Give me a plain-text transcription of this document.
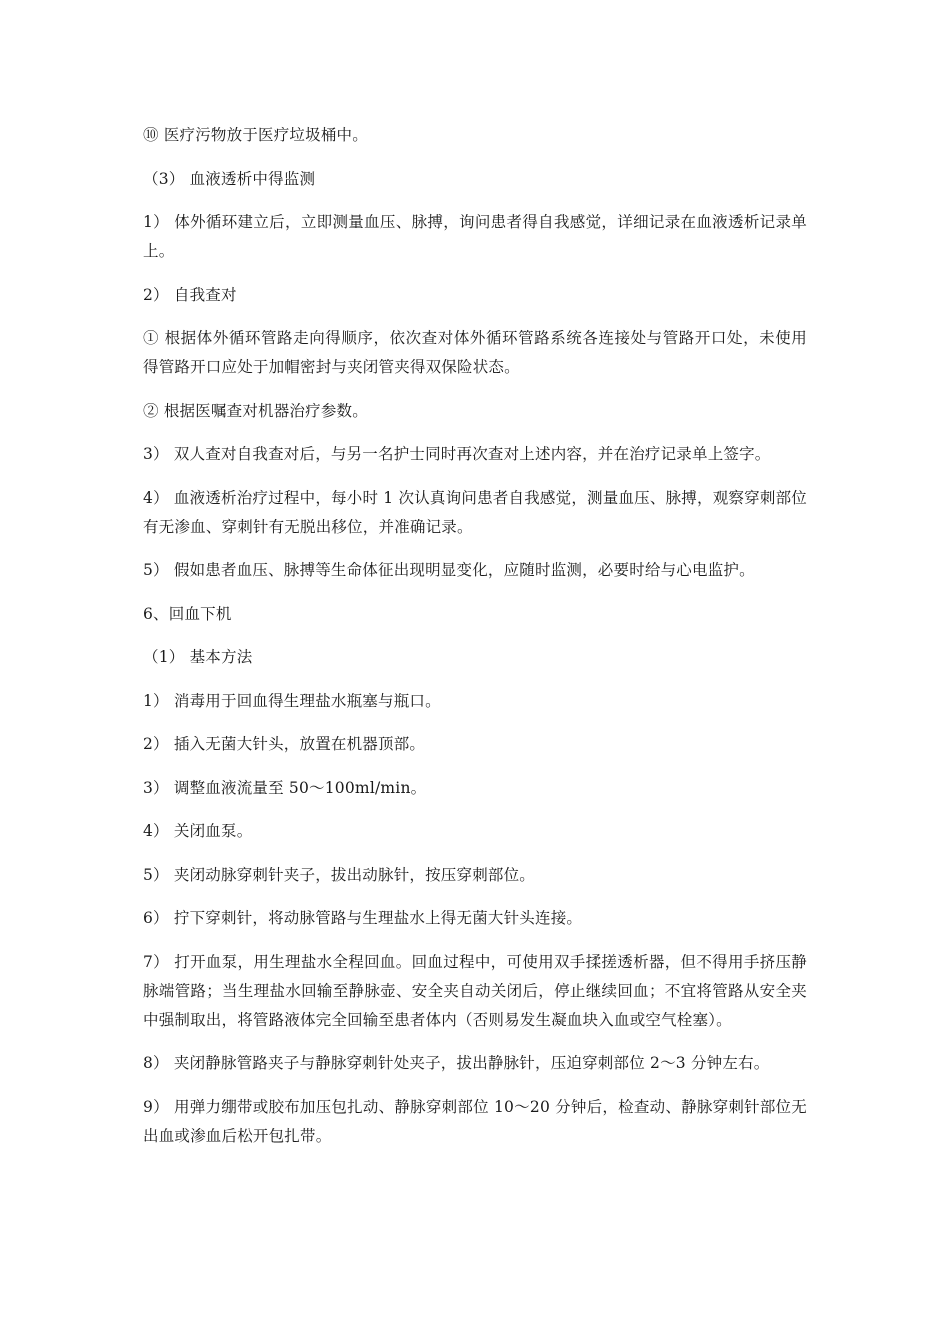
⑩ 医疗污物放于医疗垃圾桶中。

（3） 血液透析中得监测

1） 体外循环建立后，立即测量血压、脉搏，询问患者得自我感觉，详细记录在血液透析记录单上。

2） 自我查对

① 根据体外循环管路走向得顺序，依次查对体外循环管路系统各连接处与管路开口处，未使用得管路开口应处于加帽密封与夹闭管夹得双保险状态。

② 根据医嘱查对机器治疗参数。

3） 双人查对自我查对后，与另一名护士同时再次查对上述内容，并在治疗记录单上签字。

4） 血液透析治疗过程中，每小时 1 次认真询问患者自我感觉，测量血压、脉搏，观察穿刺部位有无渗血、穿刺针有无脱出移位，并准确记录。

5） 假如患者血压、脉搏等生命体征出现明显变化，应随时监测，必要时给与心电监护。

6、回血下机

（1） 基本方法

1） 消毒用于回血得生理盐水瓶塞与瓶口。

2） 插入无菌大针头，放置在机器顶部。

3） 调整血液流量至 50～100ml/min。

4） 关闭血泵。

5） 夹闭动脉穿刺针夹子，拔出动脉针，按压穿刺部位。

6） 拧下穿刺针，将动脉管路与生理盐水上得无菌大针头连接。

7） 打开血泵，用生理盐水全程回血。回血过程中，可使用双手揉搓透析器，但不得用手挤压静脉端管路；当生理盐水回输至静脉壶、安全夹自动关闭后，停止继续回血；不宜将管路从安全夹中强制取出，将管路液体完全回输至患者体内（否则易发生凝血块入血或空气栓塞）。

8） 夹闭静脉管路夹子与静脉穿刺针处夹子，拔出静脉针，压迫穿刺部位 2～3 分钟左右。

9） 用弹力绷带或胶布加压包扎动、静脉穿刺部位 10～20 分钟后，检查动、静脉穿刺针部位无出血或渗血后松开包扎带。
